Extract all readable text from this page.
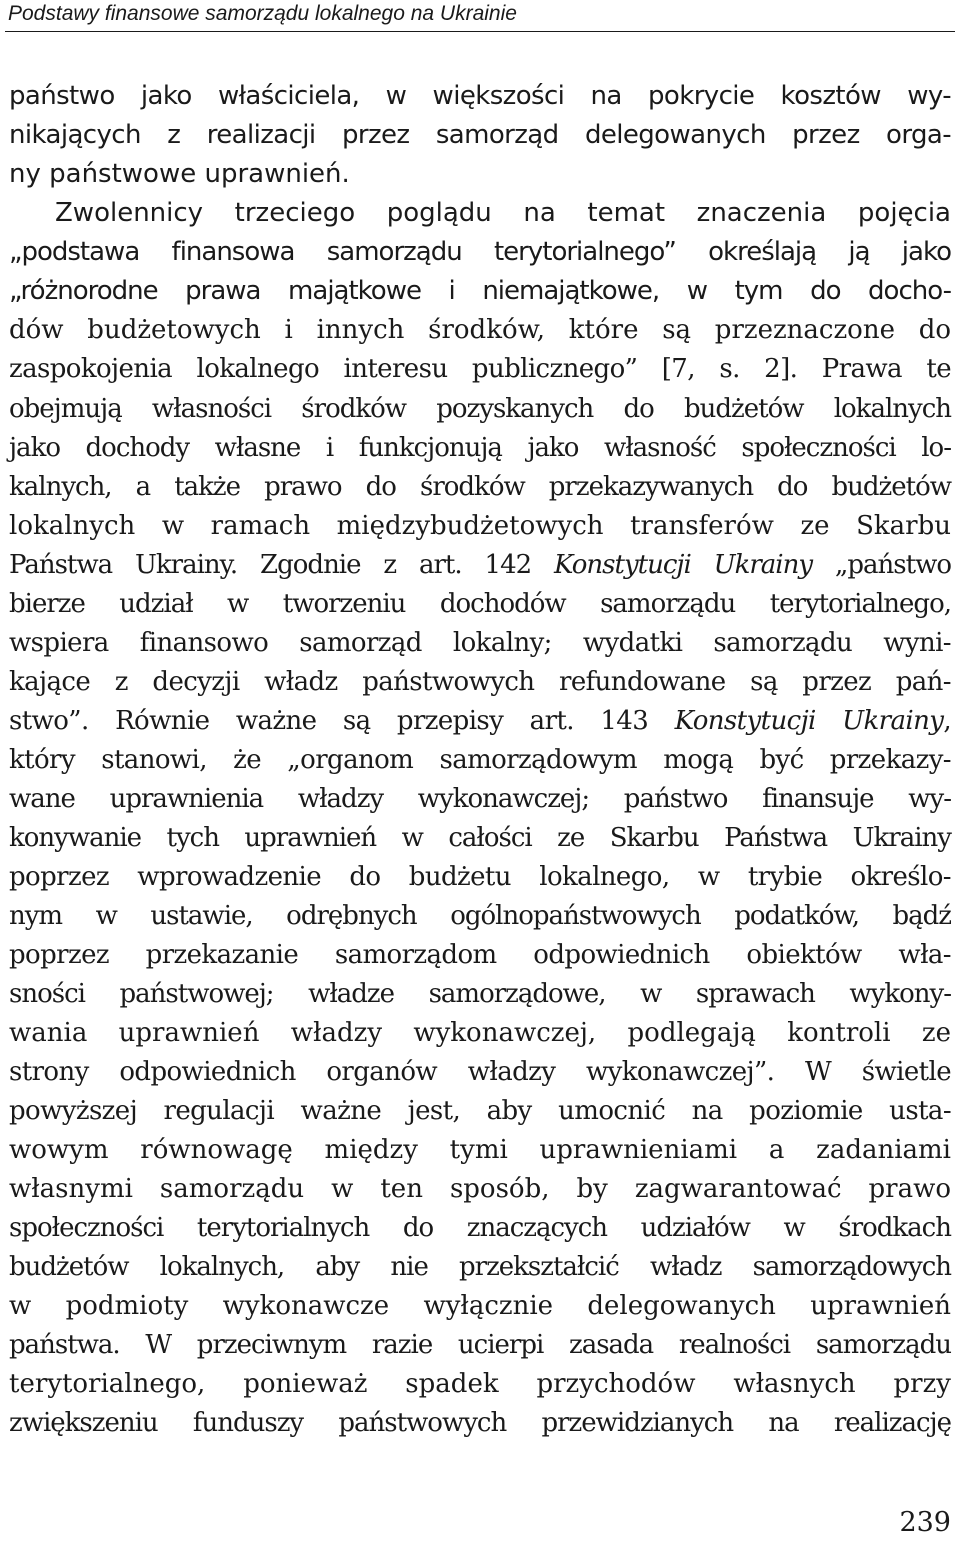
Podstawy finansowe samorządu lokalnego na Ukrainie
państwo jako właściciela, w większości na pokrycie kosztów wy-
nikających z realizacji przez samorząd delegowanych przez orga-
ny państwowe uprawnień.
Zwolennicy trzeciego poglądu na temat znaczenia pojęcia
„podstawa finansowa samorządu terytorialnego” określają ją jako
„różnorodne prawa majątkowe i niemajątkowe, w tym do docho-
dów budżetowych i innych środków, które są przeznaczone do
zaspokojenia lokalnego interesu publicznego” [7, s. 2]. Prawa te
obejmują własności środków pozyskanych do budżetów lokalnych
jako dochody własne i funkcjonują jako własność społeczności lo-
kalnych, a także prawo do środków przekazywanych do budżetów
lokalnych w ramach międzybudżetowych transferów ze Skarbu
Państwa Ukrainy. Zgodnie z art. 142 Konstytucji Ukrainy „państwo
bierze udział w tworzeniu dochodów samorządu terytorialnego,
wspiera finansowo samorząd lokalny; wydatki samorządu wyni-
kające z decyzji władz państwowych refundowane są przez pań-
stwo”. Równie ważne są przepisy art. 143 Konstytucji Ukrainy,
który stanowi, że „organom samorządowym mogą być przekazy-
wane uprawnienia władzy wykonawczej; państwo finansuje wy-
konywanie tych uprawnień w całości ze Skarbu Państwa Ukrainy
poprzez wprowadzenie do budżetu lokalnego, w trybie określo-
nym w ustawie, odrębnych ogólnopaństwowych podatków, bądź
poprzez przekazanie samorządom odpowiednich obiektów wła-
sności państwowej; władze samorządowe, w sprawach wykony-
wania uprawnień władzy wykonawczej, podlegają kontroli ze
strony odpowiednich organów władzy wykonawczej”. W świetle
powyższej regulacji ważne jest, aby umocnić na poziomie usta-
wowym równowagę między tymi uprawnieniami a zadaniami
własnymi samorządu w ten sposób, by zagwarantować prawo
społeczności terytorialnych do znaczących udziałów w środkach
budżetów lokalnych, aby nie przekształcić władz samorządowych
w podmioty wykonawcze wyłącznie delegowanych uprawnień
państwa. W przeciwnym razie ucierpi zasada realności samorządu
terytorialnego, ponieważ spadek przychodów własnych przy
zwiększeniu funduszy państwowych przewidzianych na realizację
239
